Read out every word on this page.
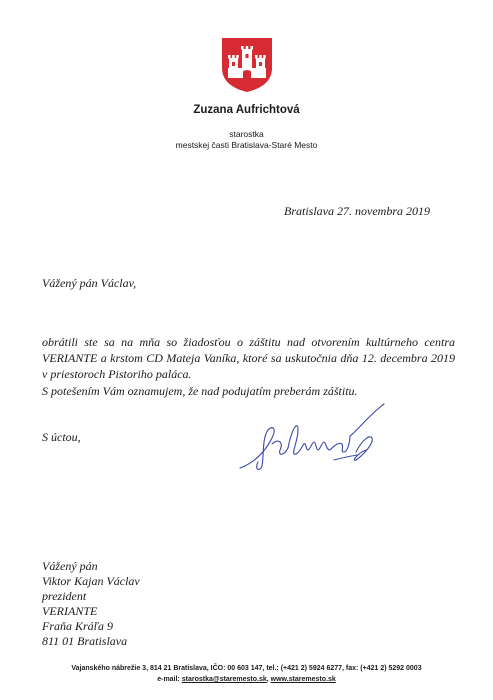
Zuzana Aufrichtová
starostka
mestskej časti Bratislava-Staré Mesto
Bratislava 27. novembra 2019
Vážený pán Václav,
obrátili ste sa na mňa so žiadosťou o záštitu nad otvorením kultúrneho centra VERIANTE a krstom CD Mateja Vaníka, ktoré sa uskutočnia dňa 12. decembra 2019 v priestoroch Pistoriho paláca.
S potešením Vám oznamujem, že nad podujatím preberám záštitu.
S úctou,
Vážený pán
Viktor Kajan Václav
prezident
VERIANTE
Fraňa Kráľa 9
811 01 Bratislava
Vajanského nábrežie 3, 814 21 Bratislava, IČO: 00 603 147, tel.: (+421 2) 5924 6277, fax: (+421 2) 5292 0003
e-mail: starostka@staremesto.sk, www.staremesto.sk
